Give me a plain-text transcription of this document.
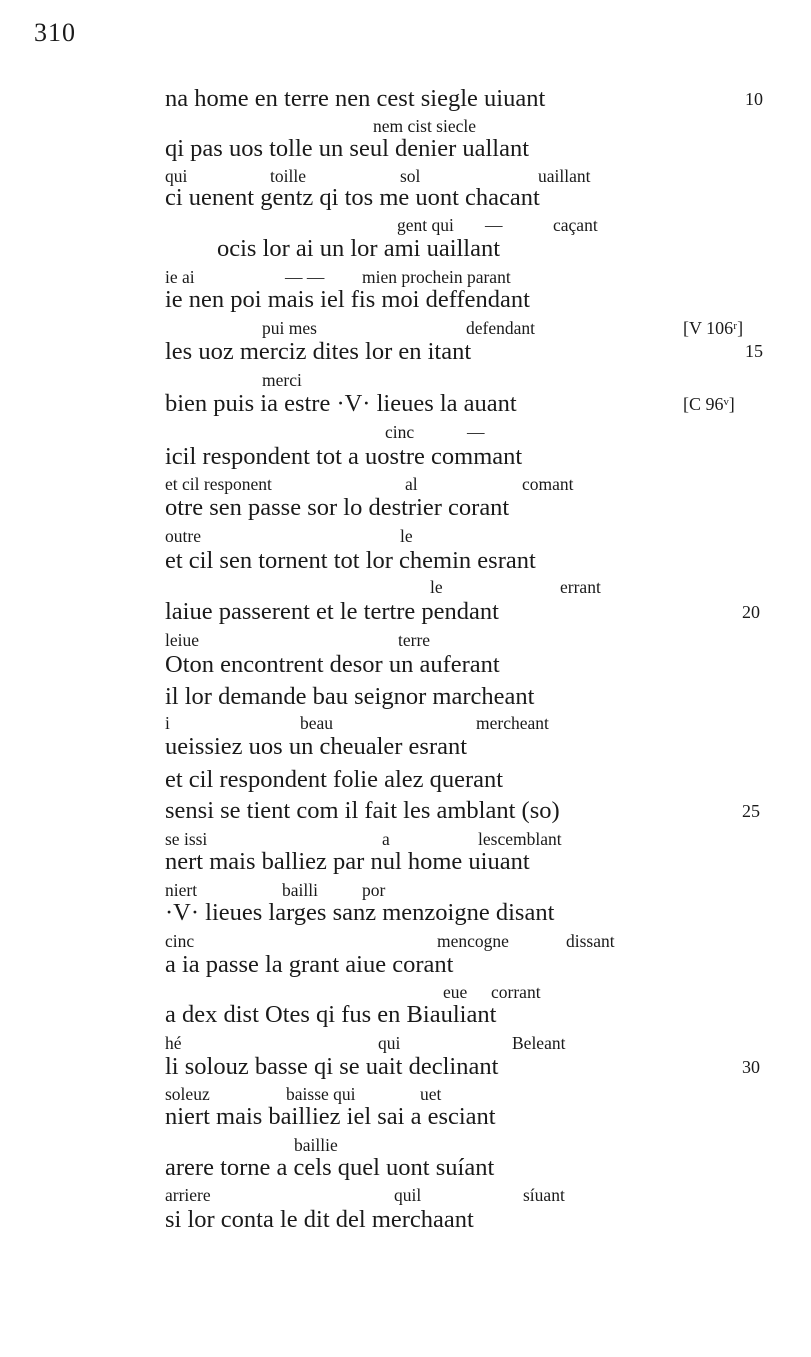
310
na home en terre nen cest siegle uiuant
nem cist siecle
10
qi pas uos tolle un seul denier uallant
qui	toille	sol	uaillant
ci uenent gentz qi tos me uont chacant
gent qui —	caçant
ocis lor ai un lor ami uaillant
ie ai	— — mien prochein parant
ie nen poi mais iel fis moi deffendant
pui mes	defendant	[V 106ʳ]
les uoz merciz dites lor en itant
merci
15
bien puis ia estre ·V· lieues la auant
cinc	—
[C 96ᵛ]
icil respondent tot a uostre commant
et cil responent	al	comant
otre sen passe sor lo destrier corant
outre	le
et cil sen tornent tot lor chemin esrant
le	errant
laiue passerent et le tertre pendant
leiue	terre
20
Oton encontrent desor un auferant
il lor demande bau seignor marcheant
i	beau	mercheant
ueissiez uos un cheualer esrant
et cil respondent folie alez querant
sensi se tient com il fait les amblant (so)
se issi	a	lescemblant
25
nert mais balliez par nul home uiuant
niert	bailli	por
·V· lieues larges sanz menzoigne disant
cinc	mencogne	dissant
a ia passe la grant aiue corant
eue corrant
a dex dist Otes qi fus en Biauliant
hé	qui	Beleant
li solouz basse qi se uait declinant
soleuz	baisse qui	uet
30
niert mais bailliez iel sai a esciant
baillie
arere torne a cels quel uont suíant
arriere	quil	síuant
si lor conta le dit del merchaant
